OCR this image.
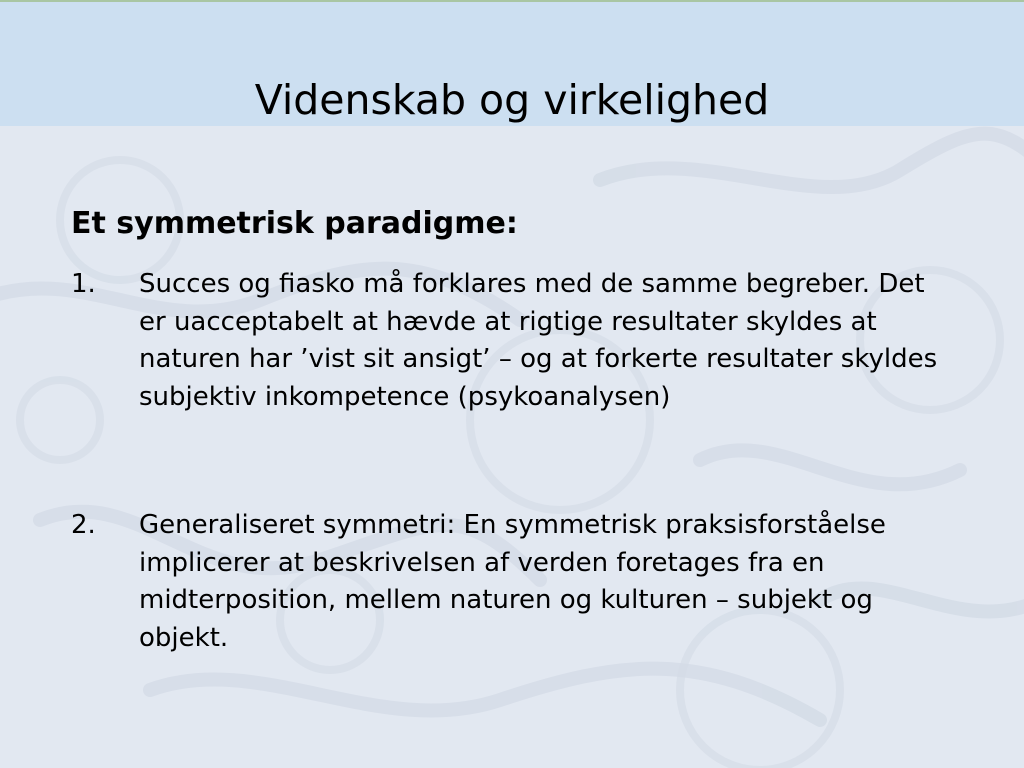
Videnskab og virkelighed
Et symmetrisk paradigme:
1.	Succes og fiasko må forklares med de samme begreber. Det er uacceptabelt at hævde at rigtige resultater skyldes at naturen har ’vist sit ansigt’ – og at forkerte resultater skyldes subjektiv inkompetence (psykoanalysen)
2.	Generaliseret symmetri: En symmetrisk praksisforståelse implicerer at beskrivelsen af verden foretages fra en midterposition, mellem naturen og kulturen – subjekt og objekt.
